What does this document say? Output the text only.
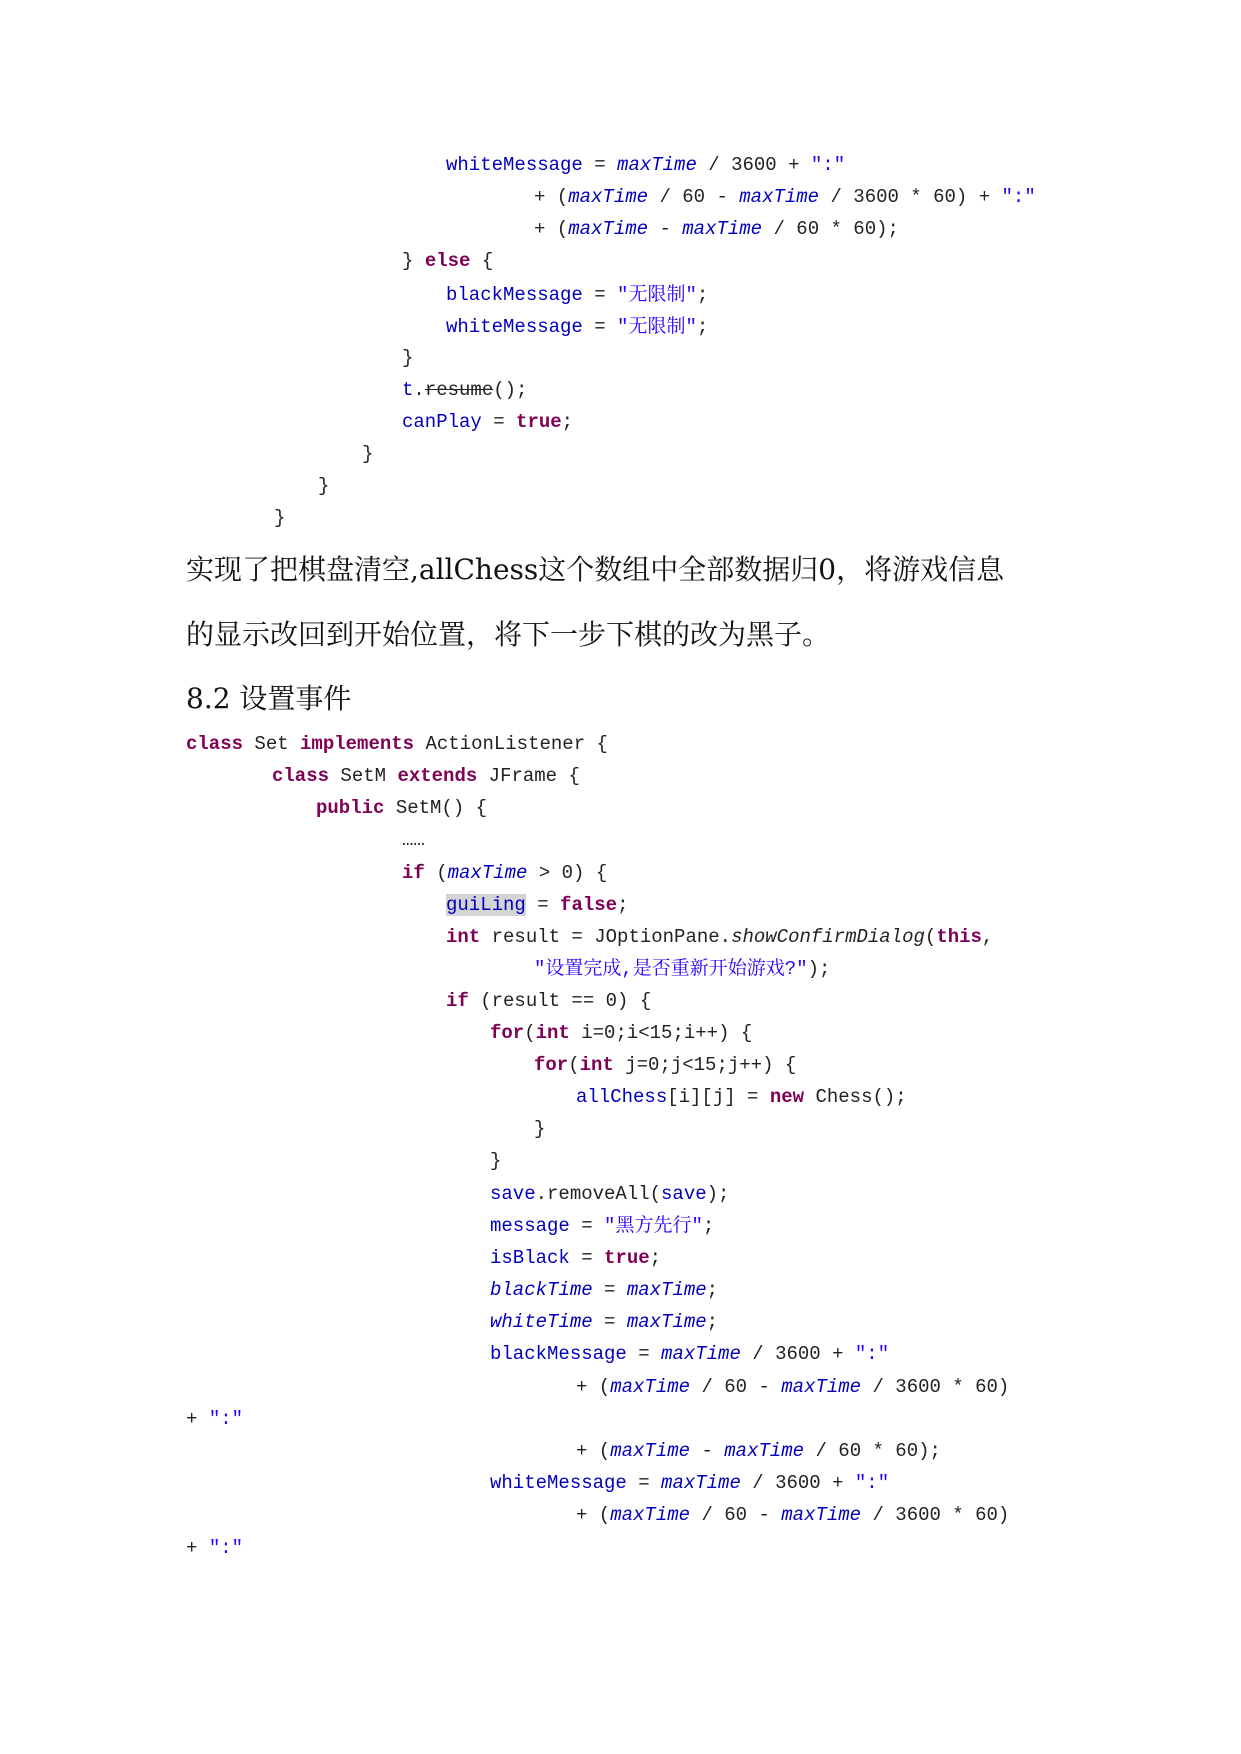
whiteMessage = maxTime / 3600 + ":"
+ (maxTime / 60 - maxTime / 3600 * 60) + ":"
+ (maxTime - maxTime / 60 * 60);
} else {
blackMessage = "无限制";
whiteMessage = "无限制";
}
t.resume();
canPlay = true;
}
}
}
实现了把棋盘清空,allChess这个数组中全部数据归0，将游戏信息
的显示改回到开始位置，将下一步下棋的改为黑子。
8.2 设置事件
class Set implements ActionListener {
class SetM extends JFrame {
public SetM() {
……
if (maxTime > 0) {
guiLing = false;
int result = JOptionPane.showConfirmDialog(this,
"设置完成,是否重新开始游戏?");
if (result == 0) {
for(int i=0;i<15;i++) {
for(int j=0;j<15;j++) {
allChess[i][j] = new Chess();
}
}
save.removeAll(save);
message = "黑方先行";
isBlack = true;
blackTime = maxTime;
whiteTime = maxTime;
blackMessage = maxTime / 3600 + ":"
+ (maxTime / 60 - maxTime / 3600 * 60)
+ ":"
+ (maxTime - maxTime / 60 * 60);
whiteMessage = maxTime / 3600 + ":"
+ (maxTime / 60 - maxTime / 3600 * 60)
+ ":"
